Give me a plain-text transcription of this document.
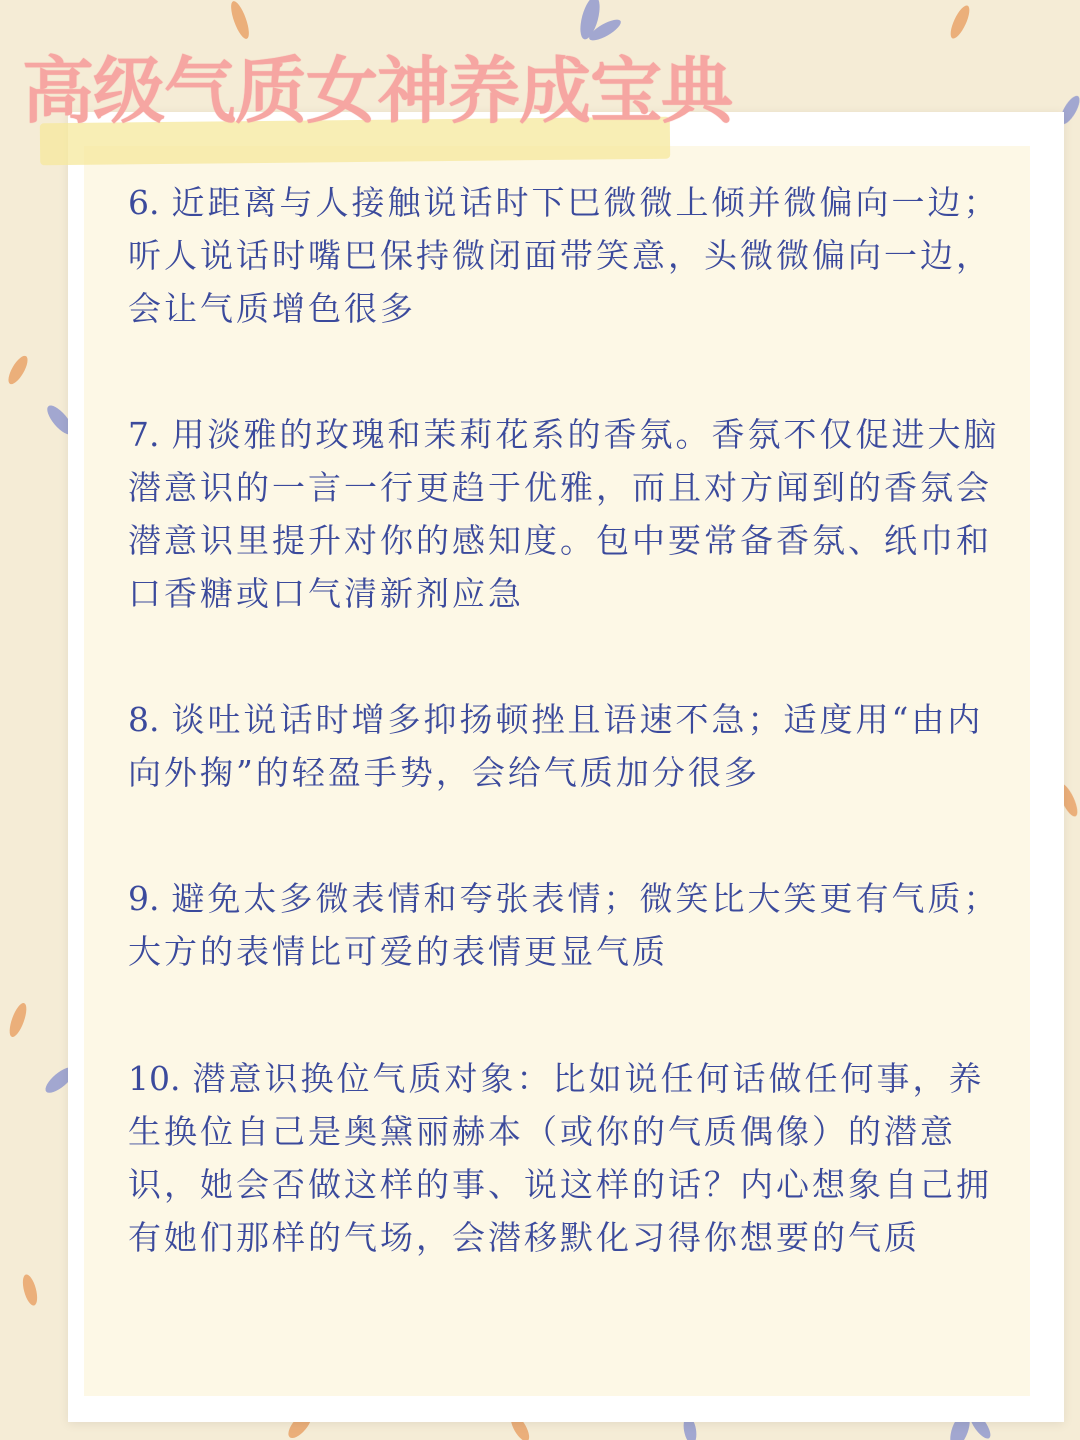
高级气质女神养成宝典

6. 近距离与人接触说话时下巴微微上倾并微偏向一边；听人说话时嘴巴保持微闭面带笑意，头微微偏向一边，会让气质增色很多

7. 用淡雅的玫瑰和茉莉花系的香氛。香氛不仅促进大脑潜意识的一言一行更趋于优雅，而且对方闻到的香氛会潜意识里提升对你的感知度。包中要常备香氛、纸巾和口香糖或口气清新剂应急

8. 谈吐说话时增多抑扬顿挫且语速不急；适度用“由内向外掬”的轻盈手势，会给气质加分很多

9. 避免太多微表情和夸张表情；微笑比大笑更有气质；大方的表情比可爱的表情更显气质

10. 潜意识换位气质对象：比如说任何话做任何事，养生换位自己是奥黛丽赫本（或你的气质偶像）的潜意识，她会否做这样的事、说这样的话？内心想象自己拥有她们那样的气场，会潜移默化习得你想要的气质
